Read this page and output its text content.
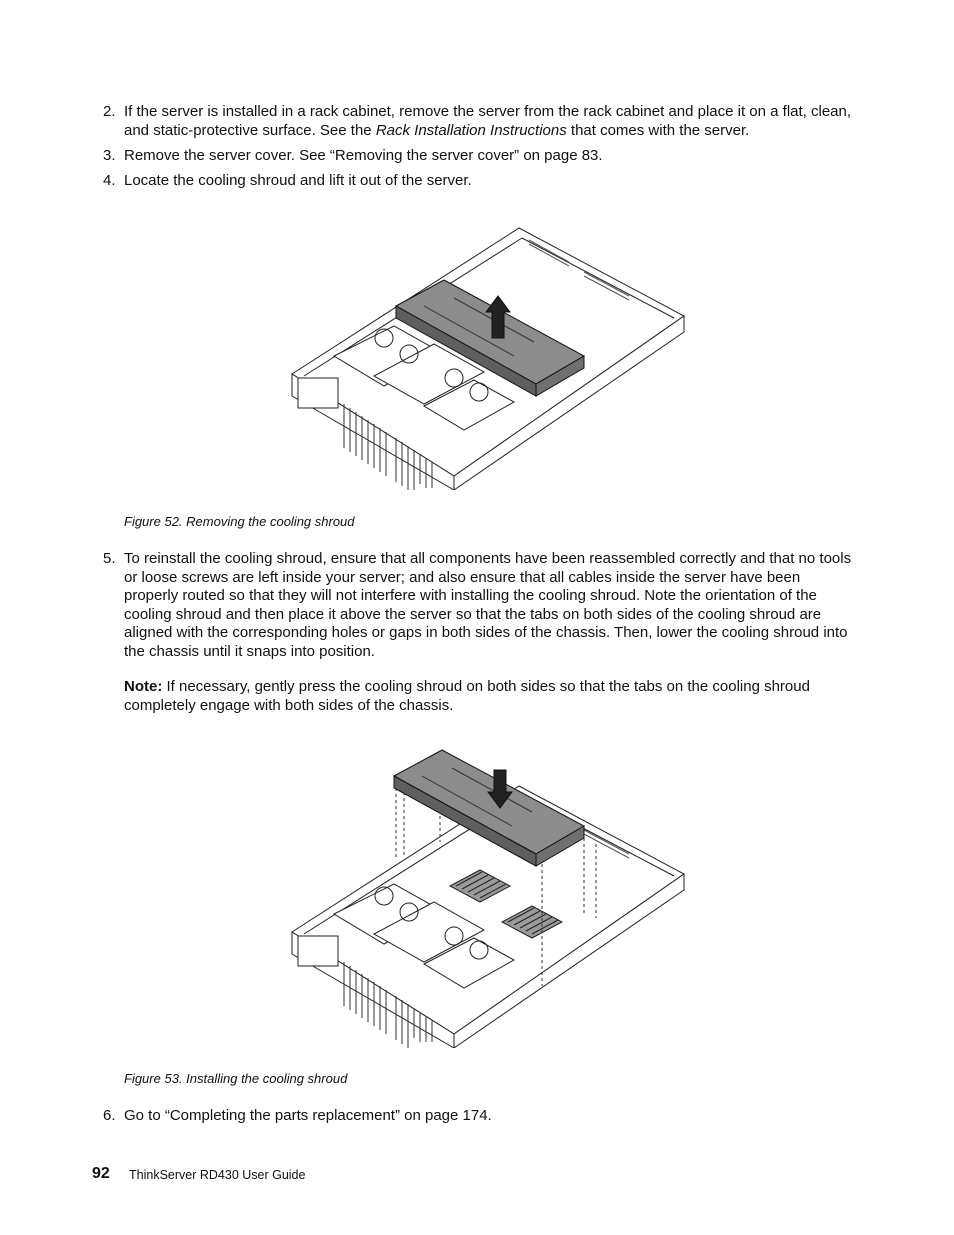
2. If the server is installed in a rack cabinet, remove the server from the rack cabinet and place it on a flat, clean, and static-protective surface. See the Rack Installation Instructions that comes with the server.
3. Remove the server cover. See “Removing the server cover” on page 83.
4. Locate the cooling shroud and lift it out of the server.
Figure 52. Removing the cooling shroud
5. To reinstall the cooling shroud, ensure that all components have been reassembled correctly and that no tools or loose screws are left inside your server; and also ensure that all cables inside the server have been properly routed so that they will not interfere with installing the cooling shroud. Note the orientation of the cooling shroud and then place it above the server so that the tabs on both sides of the cooling shroud are aligned with the corresponding holes or gaps in both sides of the chassis. Then, lower the cooling shroud into the chassis until it snaps into position.
Note: If necessary, gently press the cooling shroud on both sides so that the tabs on the cooling shroud completely engage with both sides of the chassis.
Figure 53. Installing the cooling shroud
6. Go to “Completing the parts replacement” on page 174.
92 ThinkServer RD430 User Guide
